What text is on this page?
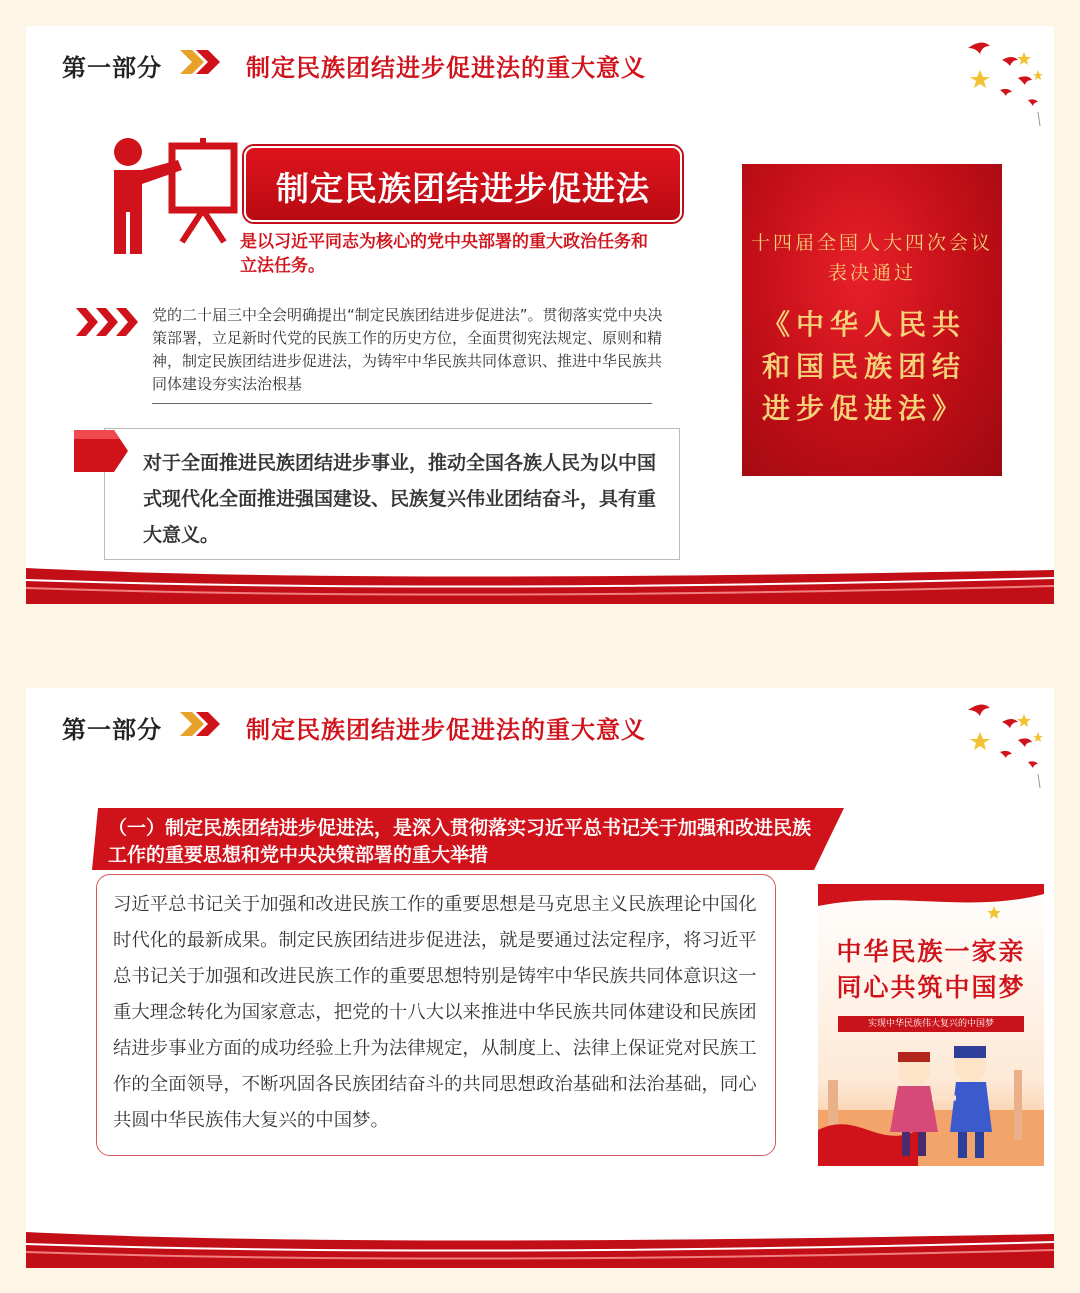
第一部分	制定民族团结进步促进法的重大意义
制定民族团结进步促进法
是以习近平同志为核心的党中央部署的重大政治任务和立法任务。
党的二十届三中全会明确提出“制定民族团结进步促进法”。贯彻落实党中央决策部署，立足新时代党的民族工作的历史方位，全面贯彻宪法规定、原则和精神，制定民族团结进步促进法，为铸牢中华民族共同体意识、推进中华民族共同体建设夯实法治根基
对于全面推进民族团结进步事业，推动全国各族人民为以中国式现代化全面推进强国建设、民族复兴伟业团结奋斗，具有重大意义。
十四届全国人大四次会议
表决通过
《中华人民共和国民族团结进步促进法》
第一部分	制定民族团结进步促进法的重大意义
（一）制定民族团结进步促进法，是深入贯彻落实习近平总书记关于加强和改进民族工作的重要思想和党中央决策部署的重大举措
习近平总书记关于加强和改进民族工作的重要思想是马克思主义民族理论中国化时代化的最新成果。制定民族团结进步促进法，就是要通过法定程序，将习近平总书记关于加强和改进民族工作的重要思想特别是铸牢中华民族共同体意识这一重大理念转化为国家意志，把党的十八大以来推进中华民族共同体建设和民族团结进步事业方面的成功经验上升为法律规定，从制度上、法律上保证党对民族工作的全面领导，不断巩固各民族团结奋斗的共同思想政治基础和法治基础，同心共圆中华民族伟大复兴的中国梦。
中华民族一家亲
同心共筑中国梦
实现中华民族伟大复兴的中国梦
